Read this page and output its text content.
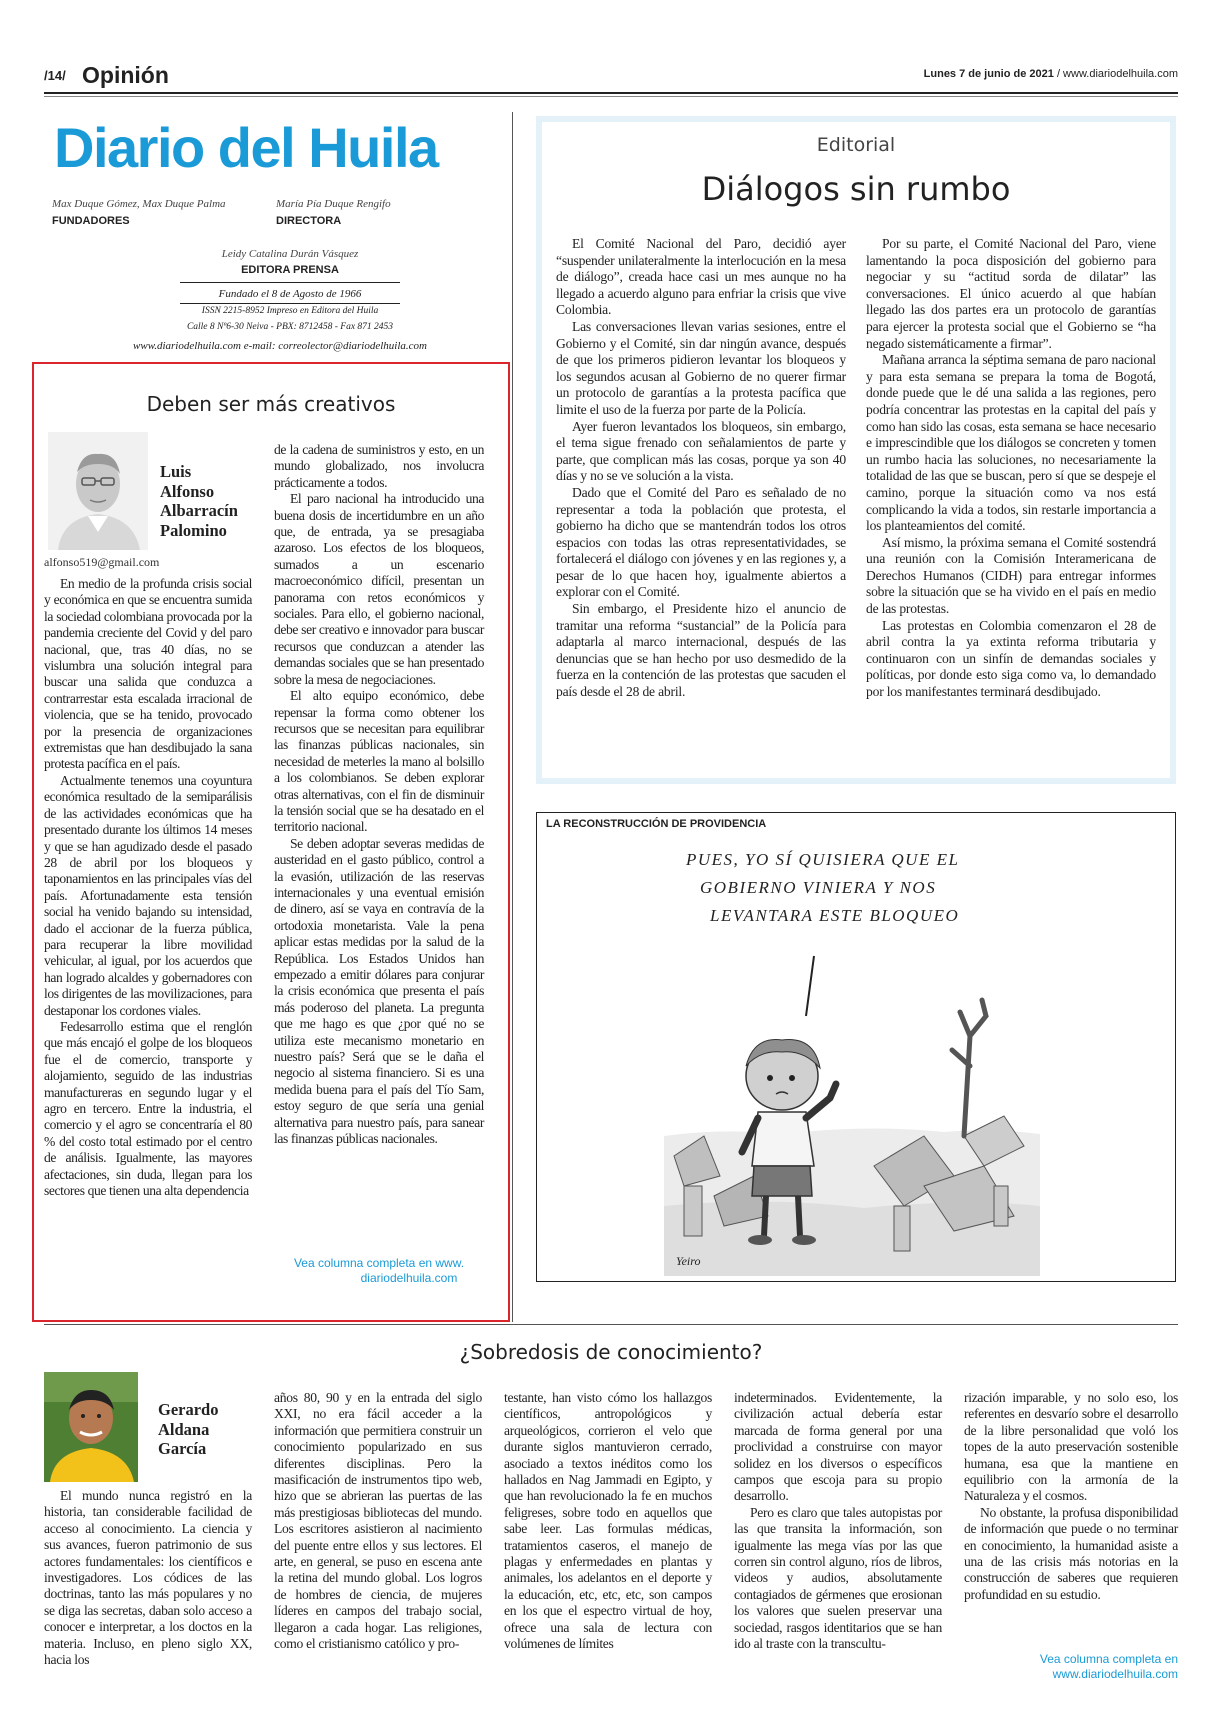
/14/ Opinión	Lunes 7 de junio de 2021 / www.diariodelhuila.com
Diario del Huila
Max Duque Gómez, Max Duque Palma
FUNDADORES
María Pía Duque Rengifo
DIRECTORA
Leidy Catalina Durán Vásquez
EDITORA PRENSA
Fundado el 8 de Agosto de 1966
ISSN 2215-8952 Impreso en Editora del Huila
Calle 8 Nº6-30 Neiva - PBX: 8712458 - Fax 871 2453
www.diariodelhuila.com e-mail: correolector@diariodelhuila.com
Deben ser más creativos
Luis
Alfonso
Albarracín
Palomino
alfonso519@gmail.com

En medio de la profunda crisis social y económica en que se encuentra sumida la sociedad colombiana provocada por la pandemia creciente del Covid y del paro nacional, que, tras 40 días, no se vislumbra una solución integral para buscar una salida que conduzca a contrarrestar esta escalada irracional de violencia, que se ha tenido, provocado por la presencia de organizaciones extremistas que han desdibujado la sana protesta pacífica en el país.

Actualmente tenemos una coyuntura económica resultado de la semiparálisis de las actividades económicas que ha presentado durante los últimos 14 meses y que se han agudizado desde el pasado 28 de abril por los bloqueos y taponamientos en las principales vías del país. Afortunadamente esta tensión social ha venido bajando su intensidad, dado el accionar de la fuerza pública, para recuperar la libre movilidad vehicular, al igual, por los acuerdos que han logrado alcaldes y gobernadores con los dirigentes de las movilizaciones, para destaponar los cordones viales.

Fedesarrollo estima que el renglón que más encajó el golpe de los bloqueos fue el de comercio, transporte y alojamiento, seguido de las industrias manufactureras en segundo lugar y el agro en tercero. Entre la industria, el comercio y el agro se concentraría el 80 % del costo total estimado por el centro de análisis. Igualmente, las mayores afectaciones, sin duda, llegan para los sectores que tienen una alta dependencia

de la cadena de suministros y esto, en un mundo globalizado, nos involucra prácticamente a todos.

El paro nacional ha introducido una buena dosis de incertidumbre en un año que, de entrada, ya se presagiaba azaroso. Los efectos de los bloqueos, sumados a un escenario macroeconómico difícil, presentan un panorama con retos económicos y sociales. Para ello, el gobierno nacional, debe ser creativo e innovador para buscar recursos que conduzcan a atender las demandas sociales que se han presentado sobre la mesa de negociaciones.

El alto equipo económico, debe repensar la forma como obtener los recursos que se necesitan para equilibrar las finanzas públicas nacionales, sin necesidad de meterles la mano al bolsillo a los colombianos. Se deben explorar otras alternativas, con el fin de disminuir la tensión social que se ha desatado en el territorio nacional.

Se deben adoptar severas medidas de austeridad en el gasto público, control a la evasión, utilización de las reservas internacionales y una eventual emisión de dinero, así se vaya en contravía de la ortodoxia monetarista. Vale la pena aplicar estas medidas por la salud de la República. Los Estados Unidos han empezado a emitir dólares para conjurar la crisis económica que presenta el país más poderoso del planeta. La pregunta que me hago es que ¿por qué no se utiliza este mecanismo monetario en nuestro país? Será que se le daña el negocio al sistema financiero. Si es una medida buena para el país del Tío Sam, estoy seguro de que sería una genial alternativa para nuestro país, para sanear las finanzas públicas nacionales.

Vea columna completa en www.
diariodelhuila.com
Editorial
Diálogos sin rumbo

El Comité Nacional del Paro, decidió ayer “suspender unilateralmente la interlocución en la mesa de diálogo”, creada hace casi un mes aunque no ha llegado a acuerdo alguno para enfriar la crisis que vive Colombia.

Las conversaciones llevan varias sesiones, entre el Gobierno y el Comité, sin dar ningún avance, después de que los primeros pidieron levantar los bloqueos y los segundos acusan al Gobierno de no querer firmar un protocolo de garantías a la protesta pacífica que limite el uso de la fuerza por parte de la Policía.

Ayer fueron levantados los bloqueos, sin embargo, el tema sigue frenado con señalamientos de parte y parte, que complican más las cosas, porque ya son 40 días y no se ve solución a la vista.

Dado que el Comité del Paro es señalado de no representar a toda la población que protesta, el gobierno ha dicho que se mantendrán todos los otros espacios con todas las otras representatividades, se fortalecerá el diálogo con jóvenes y en las regiones y, a pesar de lo que hacen hoy, igualmente abiertos a explorar con el Comité.

Sin embargo, el Presidente hizo el anuncio de tramitar una reforma “sustancial” de la Policía para adaptarla al marco internacional, después de las denuncias que se han hecho por uso desmedido de la fuerza en la contención de las protestas que sacuden el país desde el 28 de abril.

Por su parte, el Comité Nacional del Paro, viene lamentando la poca disposición del gobierno para negociar y su “actitud sorda de dilatar” las conversaciones. El único acuerdo al que habían llegado las dos partes era un protocolo de garantías para ejercer la protesta social que el Gobierno se “ha negado sistemáticamente a firmar”.

Mañana arranca la séptima semana de paro nacional y para esta semana se prepara la toma de Bogotá, donde puede que le dé una salida a las regiones, pero podría concentrar las protestas en la capital del país y como han sido las cosas, esta semana se hace necesario e imprescindible que los diálogos se concreten y tomen un rumbo hacia las soluciones, no necesariamente la totalidad de las que se buscan, pero sí que se despeje el camino, porque la situación como va nos está complicando la vida a todos, sin restarle importancia a los planteamientos del comité.

Así mismo, la próxima semana el Comité sostendrá una reunión con la Comisión Interamericana de Derechos Humanos (CIDH) para entregar informes sobre la situación que se ha vivido en el país en medio de las protestas.

Las protestas en Colombia comenzaron el 28 de abril contra la ya extinta reforma tributaria y continuaron con un sinfín de demandas sociales y políticas, por donde esto siga como va, lo demandado por los manifestantes terminará desdibujado.

LA RECONSTRUCCIÓN DE PROVIDENCIA
PUES, YO SÍ QUISIERA QUE EL
GOBIERNO VINIERA Y NOS
LEVANTARA ESTE BLOQUEO
Yeiro
¿Sobredosis de conocimiento?
Gerardo
Aldana
García

El mundo nunca registró en la historia, tan considerable facilidad de acceso al conocimiento. La ciencia y sus avances, fueron patrimonio de sus actores fundamentales: los científicos e investigadores. Los códices de las doctrinas, tanto las más populares y no se diga las secretas, daban solo acceso a conocer e interpretar, a los doctos en la materia. Incluso, en pleno siglo XX, hacia los

años 80, 90 y en la entrada del siglo XXI, no era fácil acceder a la información que permitiera construir un conocimiento popularizado en sus diferentes disciplinas. Pero la masificación de instrumentos tipo web, hizo que se abrieran las puertas de las más prestigiosas bibliotecas del mundo. Los escritores asistieron al nacimiento del puente entre ellos y sus lectores. El arte, en general, se puso en escena ante la retina del mundo global. Los logros de hombres de ciencia, de mujeres líderes en campos del trabajo social, llegaron a cada hogar. Las religiones, como el cristianismo católico y pro-

testante, han visto cómo los hallazgos científicos, antropológicos y arqueológicos, corrieron el velo que durante siglos mantuvieron cerrado, asociado a textos inéditos como los hallados en Nag Jammadi en Egipto, y que han revolucionado la fe en muchos feligreses, sobre todo en aquellos que sabe leer. Las formulas médicas, tratamientos caseros, el manejo de plagas y enfermedades en plantas y animales, los adelantos en el deporte y la educación, etc, etc, etc, son campos en los que el espectro virtual de hoy, ofrece una sala de lectura con volúmenes de límites

indeterminados. Evidentemente, la civilización actual debería estar marcada de forma general por una proclividad a construirse con mayor solidez en los diversos o específicos campos que escoja para su propio desarrollo.

Pero es claro que tales autopistas por las que transita la información, son igualmente las mega vías por las que corren sin control alguno, ríos de libros, videos y audios, absolutamente contagiados de gérmenes que erosionan los valores que suelen preservar una sociedad, rasgos identitarios que se han ido al traste con la transcultu-

rización imparable, y no solo eso, los referentes en desvarío sobre el desarrollo de la libre personalidad que voló los topes de la auto preservación sostenible humana, esa que la mantiene en equilibrio con la armonía de la Naturaleza y el cosmos.

No obstante, la profusa disponibilidad de información que puede o no terminar en conocimiento, la humanidad asiste a una de las crisis más notorias en la construcción de saberes que requieren profundidad en su estudio.

Vea columna completa en
www.diariodelhuila.com
